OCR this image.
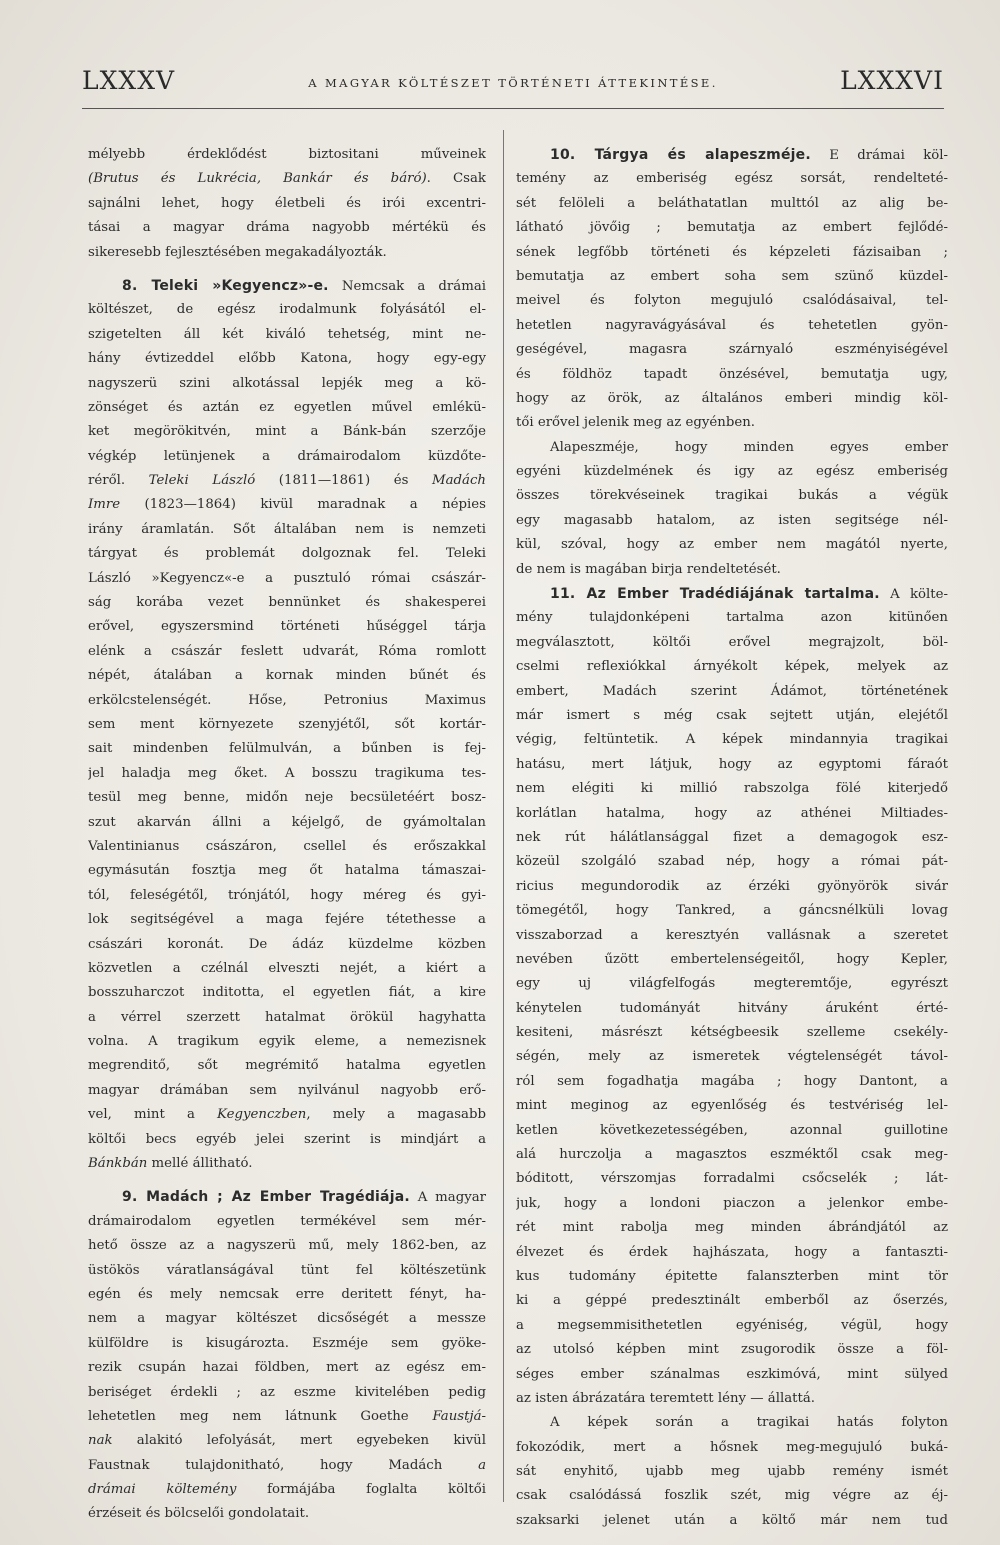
LXXXV	A MAGYAR KÖLTÉSZET TÖRTÉNETI ÁTTEKINTÉSE.	LXXXVI
mélyebb érdeklődést biztositani műveinek
(Brutus és Lukrécia, Bankár és báró). Csak
sajnálni lehet, hogy életbeli és irói excentri-
tásai a magyar dráma nagyobb mértékü és
sikeresebb fejlesztésében megakadályozták.
8. Teleki »Kegyencz»-e. Nemcsak a drámai
költészet, de egész irodalmunk folyásától el-
szigetelten áll két kiváló tehetség, mint ne-
hány évtizeddel előbb Katona, hogy egy-egy
nagyszerü szini alkotással lepjék meg a kö-
zönséget és aztán ez egyetlen művel emlékü-
ket megörökitvén, mint a Bánk-bán szerzője
végkép letünjenek a drámairodalom küzdőte-
réről. Teleki László (1811—1861) és Madách
Imre (1823—1864) kivül maradnak a népies
irány áramlatán. Sőt általában nem is nemzeti
tárgyat és problemát dolgoznak fel. Teleki
László »Kegyencz«-e a pusztuló római császár-
ság korába vezet bennünket és shakesperei
erővel, egyszersmind történeti hűséggel tárja
elénk a császár feslett udvarát, Róma romlott
népét, átalában a kornak minden bűnét és
erkölcstelenségét. Hőse, Petronius Maximus
sem ment környezete szenyjétől, sőt kortár-
sait mindenben felülmulván, a bűnben is fej-
jel haladja meg őket. A bosszu tragikuma tes-
tesül meg benne, midőn neje becsületéért bosz-
szut akarván állni a kéjelgő, de gyámoltalan
Valentinianus császáron, csellel és erőszakkal
egymásután fosztja meg őt hatalma támaszai-
tól, feleségétől, trónjától, hogy méreg és gyi-
lok segitségével a maga fejére tétethesse a
császári koronát. De ádáz küzdelme közben
közvetlen a czélnál elveszti nejét, a kiért a
bosszuharczot inditotta, el egyetlen fiát, a kire
a vérrel szerzett hatalmat örökül hagyhatta
volna. A tragikum egyik eleme, a nemezisnek
megrenditő, sőt megrémitő hatalma egyetlen
magyar drámában sem nyilvánul nagyobb erő-
vel, mint a Kegyenczben, mely a magasabb
költői becs egyéb jelei szerint is mindjárt a
Bánkbán mellé állitható.
9. Madách ; Az Ember Tragédiája. A magyar
drámairodalom egyetlen termékével sem mér-
hető össze az a nagyszerü mű, mely 1862-ben, az
üstökös váratlanságával tünt fel költészetünk
egén és mely nemcsak erre deritett fényt, ha-
nem a magyar költészet dicsőségét a messze
külföldre is kisugározta. Eszméje sem gyöke-
rezik csupán hazai földben, mert az egész em-
beriséget érdekli ; az eszme kivitelében pedig
lehetetlen meg nem látnunk Goethe Faustjá-
nak alakitó lefolyását, mert egyebeken kivül
Faustnak tulajdonitható, hogy Madách a
drámai költemény formájába foglalta költői
érzéseit és bölcselői gondolatait.
10. Tárgya és alapeszméje. E drámai köl-
temény az emberiség egész sorsát, rendelteté-
sét felöleli a beláthatatlan multtól az alig be-
látható jövőig ; bemutatja az embert fejlődé-
sének legfőbb történeti és képzeleti fázisaiban ;
bemutatja az embert soha sem szünő küzdel-
meivel és folyton megujuló csalódásaival, tel-
hetetlen nagyravágyásával és tehetetlen gyön-
geségével, magasra szárnyaló eszményiségével
és földhöz tapadt önzésével, bemutatja ugy,
hogy az örök, az általános emberi mindig köl-
tői erővel jelenik meg az egyénben.
Alapeszméje, hogy minden egyes ember
egyéni küzdelmének és igy az egész emberiség
összes törekvéseinek tragikai bukás a végük
egy magasabb hatalom, az isten segitsége nél-
kül, szóval, hogy az ember nem magától nyerte,
de nem is magában birja rendeltetését.
11. Az Ember Tradédiájának tartalma. A költe-
mény tulajdonképeni tartalma azon kitünően
megválasztott, költői erővel megrajzolt, böl-
cselmi reflexiókkal árnyékolt képek, melyek az
embert, Madách szerint Ádámot, történetének
már ismert s még csak sejtett utján, elejétől
végig, feltüntetik. A képek mindannyia tragikai
hatásu, mert látjuk, hogy az egyptomi fáraót
nem elégiti ki millió rabszolga fölé kiterjedő
korlátlan hatalma, hogy az athénei Miltiades-
nek rút hálátlansággal fizet a demagogok esz-
közeül szolgáló szabad nép, hogy a római pát-
ricius megundorodik az érzéki gyönyörök sivár
tömegétől, hogy Tankred, a gáncsnélküli lovag
visszaborzad a keresztyén vallásnak a szeretet
nevében űzött embertelenségeitől, hogy Kepler,
egy uj világfelfogás megteremtője, egyrészt
kénytelen tudományát hitvány áruként érté-
kesiteni, másrészt kétségbeesik szelleme csekély-
ségén, mely az ismeretek végtelenségét távol-
ról sem fogadhatja magába ; hogy Dantont, a
mint meginog az egyenlőség és testvériség lel-
ketlen következetességében, azonnal guillotine
alá hurczolja a magasztos eszméktől csak meg-
bóditott, vérszomjas forradalmi csőcselék ; lát-
juk, hogy a londoni piaczon a jelenkor embe-
rét mint rabolja meg minden ábrándjától az
élvezet és érdek hajhászata, hogy a fantaszti-
kus tudomány épitette falanszterben mint tör
ki a géppé predesztinált emberből az őserzés,
a megsemmisithetetlen egyéniség, végül, hogy
az utolsó képben mint zsugorodik össze a föl-
séges ember szánalmas eszkimóvá, mint sülyed
az isten ábrázatára teremtett lény — állattá.
A képek során a tragikai hatás folyton
fokozódik, mert a hősnek meg-megujuló buká-
sát enyhitő, ujabb meg ujabb remény ismét
csak csalódássá foszlik szét, mig végre az éj-
szaksarki jelenet után a költő már nem tud
